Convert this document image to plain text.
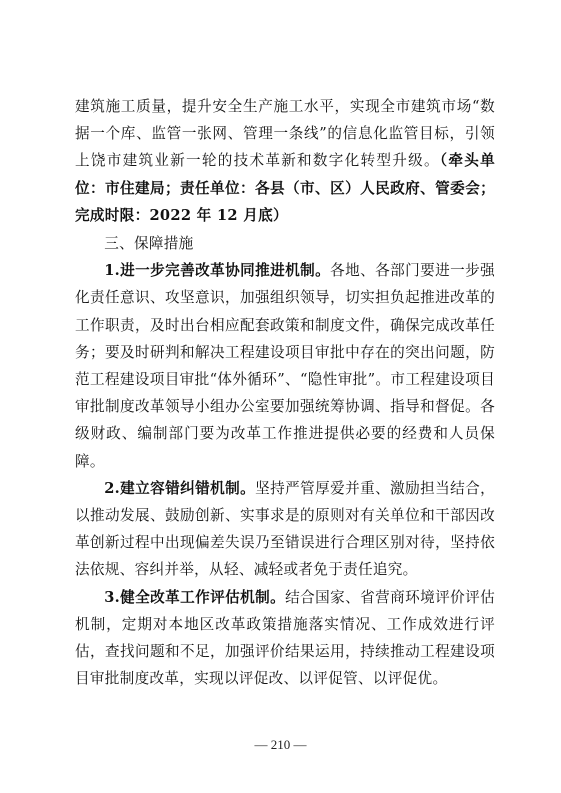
建筑施工质量，提升安全生产施工水平，实现全市建筑市场“数据一个库、监管一张网、管理一条线”的信息化监管目标，引领上饶市建筑业新一轮的技术革新和数字化转型升级。（牵头单位：市住建局；责任单位：各县（市、区）人民政府、管委会；完成时限：2022 年 12 月底）

三、保障措施

1.进一步完善改革协同推进机制。各地、各部门要进一步强化责任意识、攻坚意识，加强组织领导，切实担负起推进改革的工作职责，及时出台相应配套政策和制度文件，确保完成改革任务；要及时研判和解决工程建设项目审批中存在的突出问题，防范工程建设项目审批“体外循环”、“隐性审批”。市工程建设项目审批制度改革领导小组办公室要加强统筹协调、指导和督促。各级财政、编制部门要为改革工作推进提供必要的经费和人员保障。

2.建立容错纠错机制。坚持严管厚爱并重、激励担当结合，以推动发展、鼓励创新、实事求是的原则对有关单位和干部因改革创新过程中出现偏差失误乃至错误进行合理区别对待，坚持依法依规、容纠并举，从轻、减轻或者免于责任追究。

3.健全改革工作评估机制。结合国家、省营商环境评价评估机制，定期对本地区改革政策措施落实情况、工作成效进行评估，查找问题和不足，加强评价结果运用，持续推动工程建设项目审批制度改革，实现以评促改、以评促管、以评促优。

— 210 —
